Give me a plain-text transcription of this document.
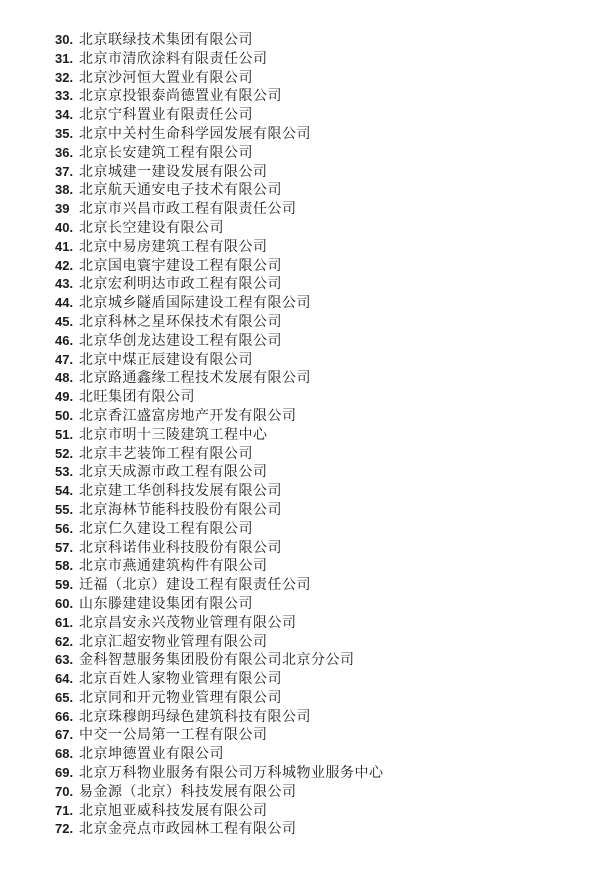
30. 北京联绿技术集团有限公司
31. 北京市清欣涂料有限责任公司
32. 北京沙河恒大置业有限公司
33. 北京京投银泰尚德置业有限公司
34. 北京宁科置业有限责任公司
35. 北京中关村生命科学园发展有限公司
36. 北京长安建筑工程有限公司
37. 北京城建一建设发展有限公司
38. 北京航天通安电子技术有限公司
39 北京市兴昌市政工程有限责任公司
40. 北京长空建设有限公司
41. 北京中易房建筑工程有限公司
42. 北京国电寰宇建设工程有限公司
43. 北京宏利明达市政工程有限公司
44. 北京城乡隧盾国际建设工程有限公司
45. 北京科林之星环保技术有限公司
46. 北京华创龙达建设工程有限公司
47. 北京中煤正辰建设有限公司
48. 北京路通鑫缘工程技术发展有限公司
49. 北旺集团有限公司
50. 北京香江盛富房地产开发有限公司
51. 北京市明十三陵建筑工程中心
52. 北京丰艺装饰工程有限公司
53. 北京天成源市政工程有限公司
54. 北京建工华创科技发展有限公司
55. 北京海林节能科技股份有限公司
56. 北京仁久建设工程有限公司
57. 北京科诺伟业科技股份有限公司
58. 北京市燕通建筑构件有限公司
59. 迁福（北京）建设工程有限责任公司
60. 山东滕建建设集团有限公司
61. 北京昌安永兴茂物业管理有限公司
62. 北京汇超安物业管理有限公司
63. 金科智慧服务集团股份有限公司北京分公司
64. 北京百姓人家物业管理有限公司
65. 北京同和开元物业管理有限公司
66. 北京珠穆朗玛绿色建筑科技有限公司
67. 中交一公局第一工程有限公司
68. 北京坤德置业有限公司
69. 北京万科物业服务有限公司万科城物业服务中心
70. 易金源（北京）科技发展有限公司
71. 北京旭亚威科技发展有限公司
72. 北京金亮点市政园林工程有限公司
